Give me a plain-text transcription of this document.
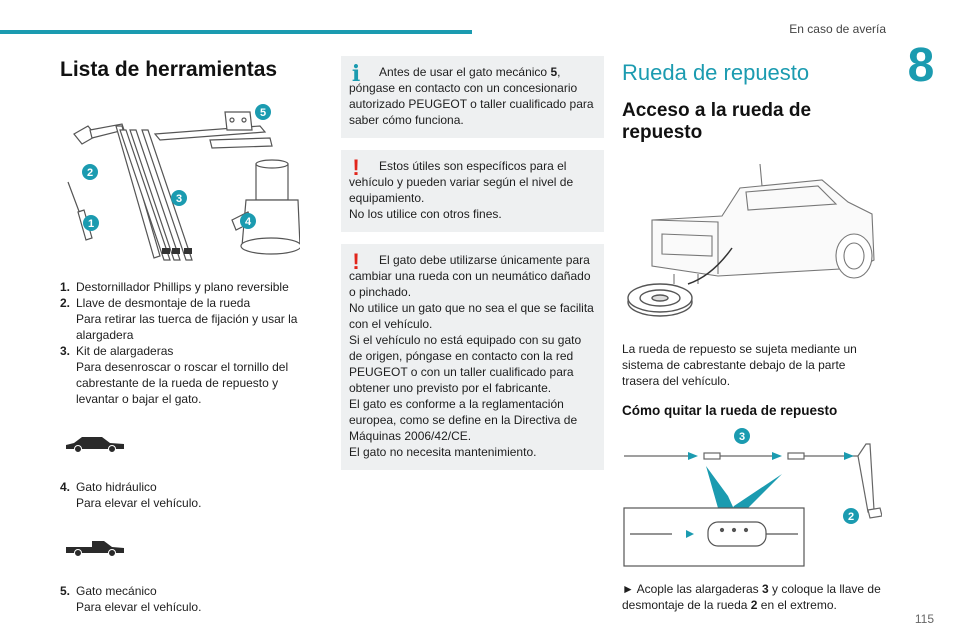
En caso de avería
8
Lista de herramientas
5
2
3
1	4
1. Destornillador Phillips y plano reversible
2. Llave de desmontaje de la rueda
Para retirar las tuerca de fijación y usar la alargadera
3. Kit de alargaderas
Para desenroscar o roscar el tornillo del cabrestante de la rueda de repuesto y levantar o bajar el gato.
4. Gato hidráulico
Para elevar el vehículo.
5. Gato mecánico
Para elevar el vehículo.
i	Antes de usar el gato mecánico 5, póngase en contacto con un concesionario autorizado PEUGEOT o taller cualificado para saber cómo funciona.
!	Estos útiles son específicos para el vehículo y pueden variar según el nivel de equipamiento.
No los utilice con otros fines.
!	El gato debe utilizarse únicamente para cambiar una rueda con un neumático dañado o pinchado.
No utilice un gato que no sea el que se facilita con el vehículo.
Si el vehículo no está equipado con su gato de origen, póngase en contacto con la red PEUGEOT o con un taller cualificado para obtener uno previsto por el fabricante.
El gato es conforme a la reglamentación europea, como se define en la Directiva de Máquinas 2006/42/CE.
El gato no necesita mantenimiento.
Rueda de repuesto
Acceso a la rueda de repuesto

La rueda de repuesto se sujeta mediante un sistema de cabrestante debajo de la parte trasera del vehículo.

Cómo quitar la rueda de repuesto
3
2
► Acople las alargaderas 3 y coloque la llave de desmontaje de la rueda 2 en el extremo.
115
